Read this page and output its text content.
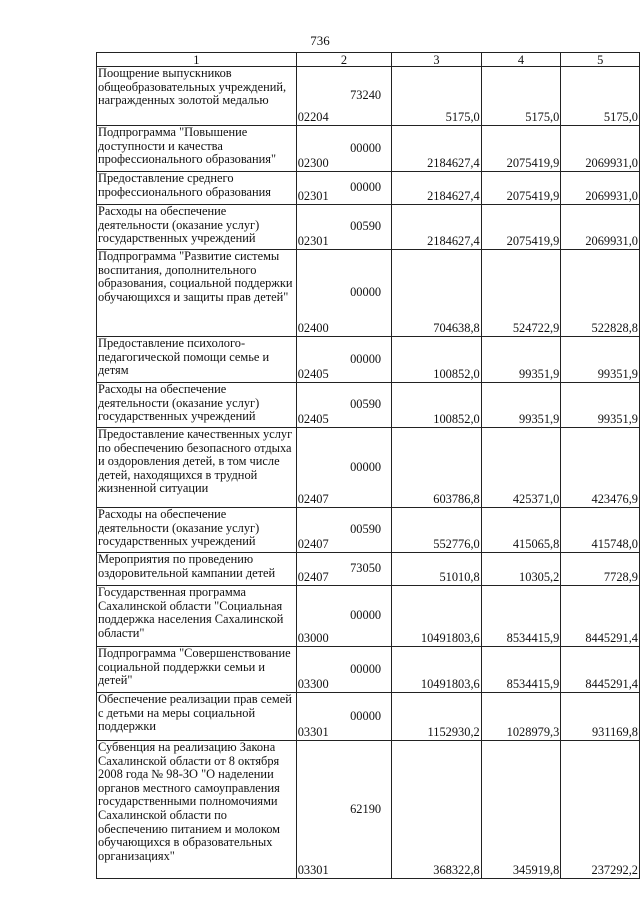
736
1	2		3	4	5
Поощрение выпускников общеобразовательных учреждений, награжденных золотой медалью	02204	73240	5175,0	5175,0	5175,0
Подпрограмма "Повышение доступности и качества профессионального образования"	02300	00000	2184627,4	2075419,9	2069931,0
Предоставление среднего профессионального образования	02301	00000	2184627,4	2075419,9	2069931,0
Расходы на обеспечение деятельности (оказание услуг) государственных учреждений	02301	00590	2184627,4	2075419,9	2069931,0
Подпрограмма "Развитие системы воспитания, дополнительного образования, социальной поддержки обучающихся и защиты прав детей"	02400	00000	704638,8	524722,9	522828,8
Предоставление психолого-педагогической помощи семье и детям	02405	00000	100852,0	99351,9	99351,9
Расходы на обеспечение деятельности (оказание услуг) государственных учреждений	02405	00590	100852,0	99351,9	99351,9
Предоставление качественных услуг по обеспечению безопасного отдыха и оздоровления детей, в том числе детей, находящихся в трудной жизненной ситуации	02407	00000	603786,8	425371,0	423476,9
Расходы на обеспечение деятельности (оказание услуг) государственных учреждений	02407	00590	552776,0	415065,8	415748,0
Мероприятия по проведению оздоровительной кампании детей	02407	73050	51010,8	10305,2	7728,9
Государственная программа Сахалинской области "Социальная поддержка населения Сахалинской области"	03000	00000	10491803,6	8534415,9	8445291,4
Подпрограмма "Совершенствование социальной поддержки семьи и детей"	03300	00000	10491803,6	8534415,9	8445291,4
Обеспечение реализации прав семей с детьми на меры социальной поддержки	03301	00000	1152930,2	1028979,3	931169,8
Субвенция на реализацию Закона Сахалинской области от 8 октября 2008 года № 98-ЗО "О наделении органов местного самоуправления государственными полномочиями Сахалинской области по обеспечению питанием и молоком обучающихся в образовательных организациях"	03301	62190	368322,8	345919,8	237292,2
